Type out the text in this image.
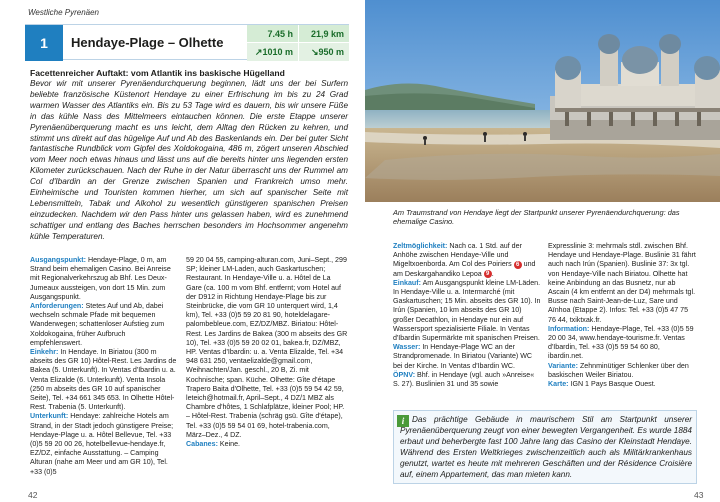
Westliche Pyrenäen
1	Hendaye-Plage – Olhette
7.45 h	21,9 km
↗1010 m	↘950 m
Facettenreicher Auftakt: vom Atlantik ins baskische Hügelland
Bevor wir mit unserer Pyrenäendurchquerung beginnen, lädt uns der bei Surfern beliebte französische Küstenort Hendaye zu einer Erfrischung im bis zu 24 Grad warmen Wasser des Atlantiks ein. Bis zu 53 Tage wird es dauern, bis wir unsere Füße in das kühle Nass des Mittelmeers eintauchen können. Die erste Etappe unserer Pyrenäenüberquerung macht es uns leicht, dem Alltag den Rücken zu kehren, und stimmt uns direkt auf das hügelige Auf und Ab des Baskenlands ein. Der bei guter Sicht fantastische Rundblick vom Gipfel des Xoldokogaina, 486 m, zögert unseren Abschied vom Meer noch etwas hinaus und lässt uns auf die bereits hinter uns liegenden ersten Kilometer zurückschauen. Nach der Ruhe in der Natur überrascht uns der Rummel am Col d'Ibardin an der Grenze zwischen Spanien und Frankreich umso mehr. Einheimische und Touristen kommen hierher, um sich auf spanischer Seite mit Lebensmitteln, Tabak und Alkohol zu wesentlich günstigeren spanischen Preisen einzudecken. Nachdem wir den Pass hinter uns gelassen haben, wird es zunehmend schattiger und entlang des Baches herrschen besonders im Hochsommer angenehm kühle Temperaturen.
Ausgangspunkt: Hendaye-Plage, 0 m, am Strand beim ehemaligen Casino. Bei Anreise mit Regionalverkehrszug ab Bhf. Les Deux-Jumeaux aussteigen, von dort 15 Min. zum Ausgangspunkt.
Anforderungen: Stetes Auf und Ab, dabei wechseln schmale Pfade mit bequemen Wanderwegen; schattenloser Aufstieg zum Xoldokogaina, früher Aufbruch empfehlenswert.
Einkehr: In Hendaye. In Biriatou (300 m abseits des GR 10) Hôtel-Rest. Les Jardins de Bakea (5. Unterkunft). In Ventas d'Ibardin u. a. Venta Elizalde (6. Unterkunft). Venta Insola (250 m abseits des GR 10 auf spanischer Seite), Tel. +34 661 345 653. In Olhette Hôtel-Rest. Trabenia (5. Unterkunft).
Unterkunft: Hendaye: zahlreiche Hotels am Strand, in der Stadt jedoch günstigere Preise; Hendaye-Plage u. a. Hôtel Bellevue, Tel. +33 (0)5 59 20 00 26, hotelbellevue-hendaye.fr, EZ/DZ, einfache Ausstattung. – Camping Alturan (nahe am Meer und am GR 10), Tel. +33 (0)5
59 20 04 55, camping-alturan.com, Juni–Sept., 299 SP; kleiner LM-Laden, auch Gaskartuschen; Restaurant. In Hendaye-Ville u. a. Hôtel de La Gare (ca. 100 m vom Bhf. entfernt; vom Hotel auf der D912 in Richtung Hendaye-Plage bis zur Steinbrücke, die vom GR 10 unterquert wird, 1,4 km), Tel. +33 (0)5 59 20 81 90, hoteldelagare-palombebleue.com, EZ/DZ/MBZ. Biriatou: Hôtel-Rest. Les Jardins de Bakea (300 m abseits des GR 10), Tel. +33 (0)5 59 20 02 01, bakea.fr, DZ/MBZ, HP. Ventas d'Ibardin: u. a. Venta Elizalde, Tel. +34 948 631 250, ventaelizalde@gmail.com, Weihnachten/Jan. geschl., 20 B, Zi. mit Kochnische; span. Küche. Olhette: Gîte d'étape Trapero Baita d'Olhette, Tel. +33 (0)5 59 54 42 59, leteich@hotmail.fr, April–Sept., 4 DZ/1 MBZ als Chambre d'hôtes, 1 Schlafplätze, kleiner Pool; HP. – Hôtel-Rest. Trabenia (schräg gsü. Gîte d'étape), Tel. +33 (0)5 59 54 01 69, hotel-trabenia.com, März–Dez., 4 DZ.
Cabanes: Keine.
42
Am Traumstrand von Hendaye liegt der Startpunkt unserer Pyrenäendurchquerung: das ehemalige Casino.
Zeltmöglichkeit: Nach ca. 1 Std. auf der Anhöhe zwischen Hendaye-Ville und Migeltxoenborda. Am Col des Poiriers 6 und am Deskargahandiko Lepoa 9 .
Einkauf: Am Ausgangspunkt kleine LM-Läden. In Hendaye-Ville u. a. Intermarché (mit Gaskartuschen; 15 Min. abseits des GR 10). In Irún (Spanien, 10 km abseits des GR 10) großer Decathlon, in Hendaye nur ein auf Wassersport spezialisierte Filiale. In Ventas d'Ibardin Supermärkte mit spanischen Preisen.
Wasser: In Hendaye-Plage WC an der Strandpromenade. In Biriatou (Variante) WC bei der Kirche. In Ventas d'Ibardin WC.
ÖPNV: Bhf. in Hendaye (vgl. auch »Anreise« S. 27). Buslinien 31 und 35 sowie
Expresslinie 3: mehrmals stdl. zwischen Bhf. Hendaye und Hendaye-Plage. Buslinie 31 fährt auch nach Irún (Spanien). Buslinie 37: 3x tgl. von Hendaye-Ville nach Biriatou. Olhette hat keine Anbindung an das Busnetz, nur ab Ascain (4 km entfernt an der D4) mehrmals tgl. Busse nach Saint-Jean-de-Luz, Sare und Aïnhoa (Etappe 2). Infos: Tel. +33 (0)5 47 75 76 44, txiktxak.fr.
Information: Hendaye-Plage, Tel. +33 (0)5 59 20 00 34, www.hendaye-tourisme.fr. Ventas d'Ibardin, Tel. +33 (0)5 59 54 60 80, ibardin.net.
Variante: Zehnminütiger Schlenker über den baskischen Weiler Biriatou.
Karte: IGN 1 Pays Basque Ouest.
i Das prächtige Gebäude in maurischem Stil am Startpunkt unserer Pyrenäenüberquerung zeugt von einer bewegten Vergangenheit. Es wurde 1884 erbaut und beherbergte fast 100 Jahre lang das Casino der Kleinstadt Hendaye. Während des Ersten Weltkrieges zwischenzeitlich auch als Militärkrankenhaus genutzt, wartet es heute mit mehreren Geschäften und der Résidence Croisière auf, einem Appartement, das man mieten kann.
43
